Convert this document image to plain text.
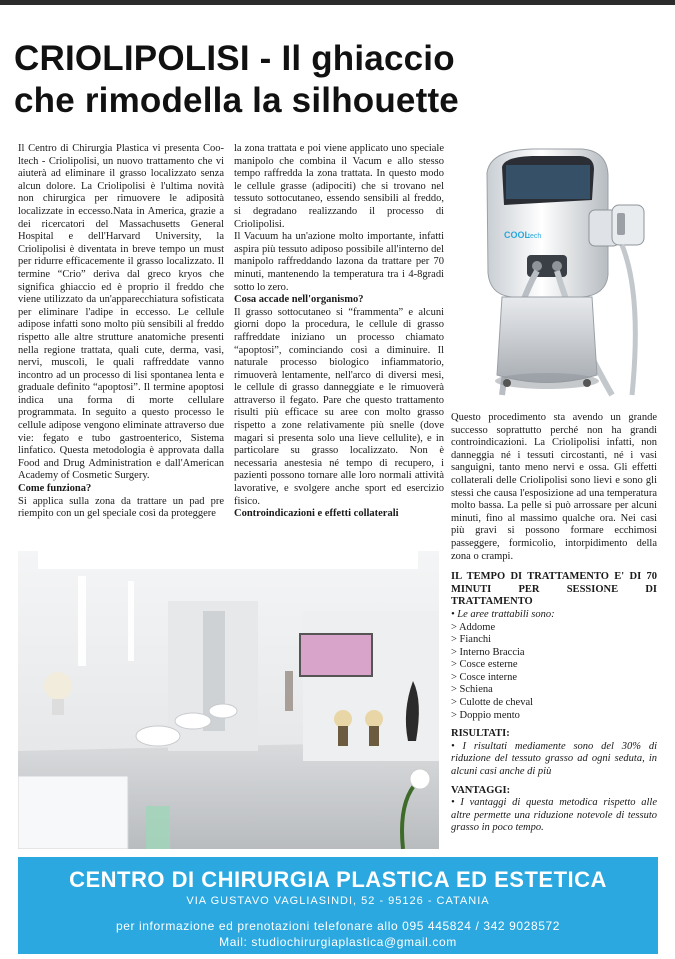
CRIOLIPOLISI - Il ghiaccio
che rimodella la silhouette

Il Centro di Chirurgia Plastica vi presenta Coo-ltech - Criolipolisi, un nuovo trattamento che vi aiuterà ad eliminare il grasso localizzato senza alcun dolore. La Criolipolisi è l'ultima novità non chirurgica per rimuovere le adiposità localizzate in eccesso.Nata in America, grazie a dei ricercatori del Massachusetts General Hospital e dell'Harvard University, la Criolipolisi è diventata in breve tempo un must per ridurre efficacemente il grasso localizzato. Il termine “Crio” deriva dal greco kryos che significa ghiaccio ed è proprio il freddo che viene utilizzato da un'apparecchiatura sofisticata per eliminare l'adipe in eccesso. Le cellule adipose infatti sono molto più sensibili al freddo rispetto alle altre strutture anatomiche presenti nella regione trattata, quali cute, derma, vasi, nervi, muscoli, le quali raffreddate vanno incontro ad un processo di lisi spontanea lenta e graduale definito “apoptosi”. Il termine apoptosi indica una forma di morte cellulare programmata. In seguito a questo processo le cellule adipose vengono eliminate attraverso due vie: fegato e tubo gastroenterico, Sistema linfatico. Questa metodologia è approvata dalla Food and Drug Administration e dall'American Academy of Cosmetic Surgery.

Come funziona?

Si applica sulla zona da trattare un pad pre riempito con un gel speciale così da proteggere

la zona trattata e poi viene applicato uno speciale manipolo che combina il Vacum e allo stesso tempo raffredda la zona trattata. In questo modo le cellule grasse (adipociti) che si trovano nel tessuto sottocutaneo, essendo sensibili al freddo, si degradano realizzando il processo di Criolipolisi.

Il Vacuum ha un'azione molto importante, infatti aspira più tessuto adiposo possibile all'interno del manipolo raffreddando lazona da trattare per 70 minuti, mantenendo la temperatura tra i 4-8gradi sotto lo zero.

Cosa accade nell'organismo?

Il grasso sottocutaneo si “frammenta” e alcuni giorni dopo la procedura, le cellule di grasso raffreddate iniziano un processo chiamato “apoptosi”, cominciando così a diminuire. Il naturale processo biologico infiammatorio, rimuoverà lentamente, nell'arco di diversi mesi, le cellule di grasso danneggiate e le rimuoverà attraverso il fegato. Pare che questo trattamento risulti più efficace su aree con molto grasso rispetto a zone relativamente più snelle (dove magari si presenta solo una lieve cellulite), e in particolare su grasso localizzato. Non è necessaria anestesia né tempo di recupero, i pazienti possono tornare alle loro normali attività lavorative, e svolgere anche sport ed esercizio fisico.

Controindicazioni e effetti collaterali

COOL
tech

Questo procedimento sta avendo un grande successo soprattutto perché non ha grandi controindicazioni. La Criolipolisi infatti, non danneggia né i tessuti circostanti, né i vasi sanguigni, tanto meno nervi e ossa. Gli effetti collaterali delle Criolipolisi sono lievi e sono gli stessi che causa l'esposizione ad una temperatura molto bassa. La pelle si può arrossare per alcuni minuti, fino al massimo qualche ora. Nei casi più gravi si possono formare ecchimosi passeggere, formicolio, intorpidimento della zona o crampi.

IL TEMPO DI TRATTAMENTO E' DI 70 MINUTI PER SESSIONE DI TRATTAMENTO

• Le aree trattabili sono:

> Addome
> Fianchi
> Interno Braccia
> Cosce esterne
> Cosce interne
> Schiena
> Culotte de cheval
> Doppio mento

RISULTATI:

• I risultati mediamente sono del 30% di riduzione del tessuto grasso ad ogni seduta, in alcuni casi anche di più

VANTAGGI:

• I vantaggi di questa metodica rispetto alle altre permette una riduzione notevole di tessuto grasso in poco tempo.

CENTRO DI CHIRURGIA PLASTICA ED ESTETICA
VIA GUSTAVO VAGLIASINDI, 52 - 95126 - CATANIA
per informazione ed prenotazioni telefonare allo 095 445824 / 342 9028572
Mail: studiochirurgiaplastica@gmail.com
